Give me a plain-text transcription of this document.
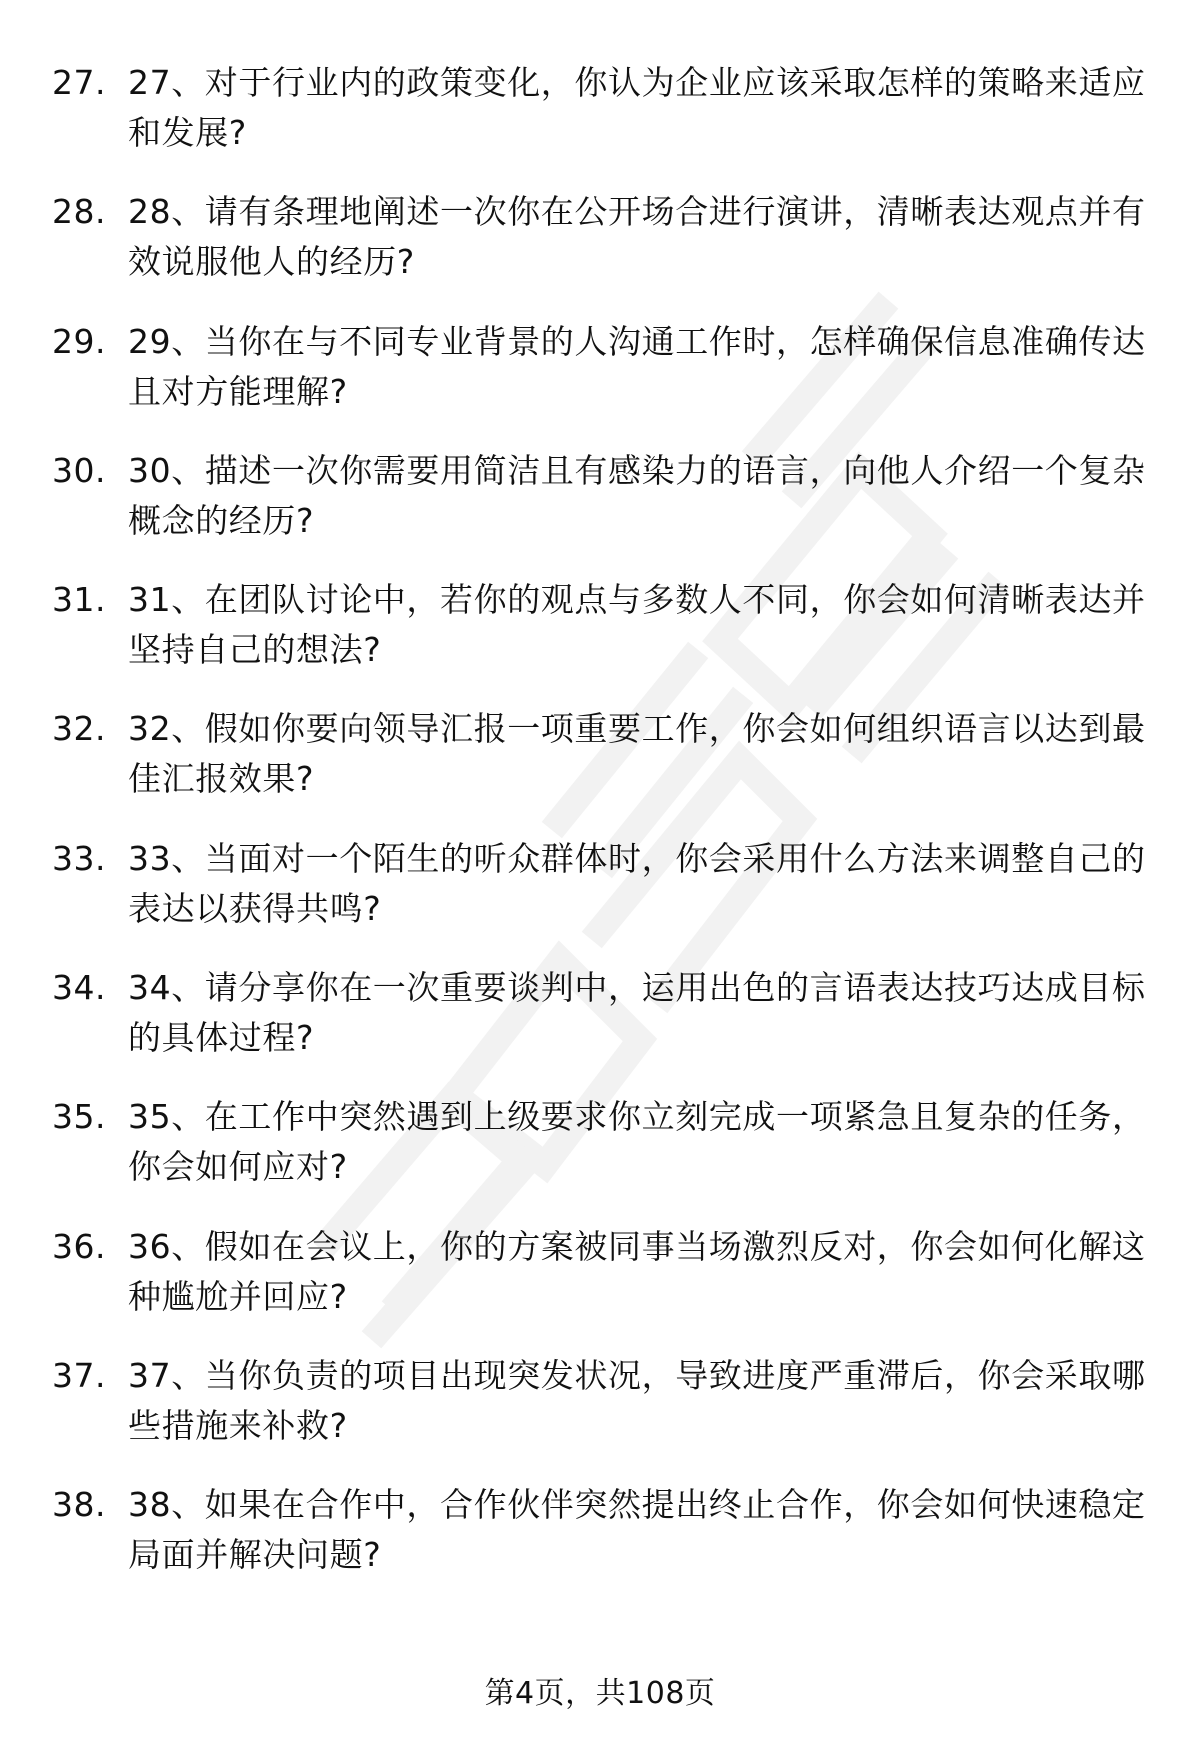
27. 27、对于行业内的政策变化，你认为企业应该采取怎样的策略来适应和发展?
28. 28、请有条理地阐述一次你在公开场合进行演讲，清晰表达观点并有效说服他人的经历?
29. 29、当你在与不同专业背景的人沟通工作时，怎样确保信息准确传达且对方能理解?
30. 30、描述一次你需要用简洁且有感染力的语言，向他人介绍一个复杂概念的经历?
31. 31、在团队讨论中，若你的观点与多数人不同，你会如何清晰表达并坚持自己的想法?
32. 32、假如你要向领导汇报一项重要工作，你会如何组织语言以达到最佳汇报效果?
33. 33、当面对一个陌生的听众群体时，你会采用什么方法来调整自己的表达以获得共鸣?
34. 34、请分享你在一次重要谈判中，运用出色的言语表达技巧达成目标的具体过程?
35. 35、在工作中突然遇到上级要求你立刻完成一项紧急且复杂的任务，你会如何应对?
36. 36、假如在会议上，你的方案被同事当场激烈反对，你会如何化解这种尴尬并回应?
37. 37、当你负责的项目出现突发状况，导致进度严重滞后，你会采取哪些措施来补救?
38. 38、如果在合作中，合作伙伴突然提出终止合作，你会如何快速稳定局面并解决问题?
第4页，共108页
